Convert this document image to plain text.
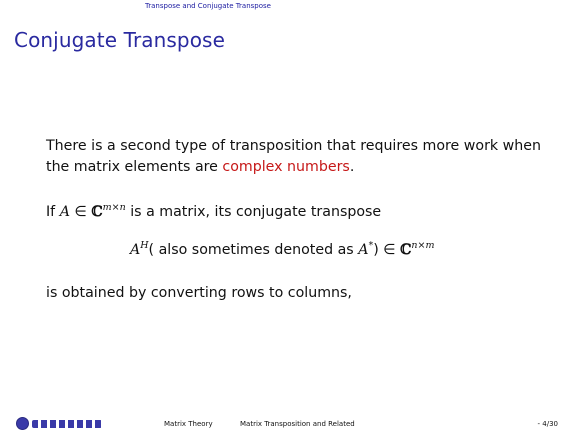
Transpose and Conjugate Transpose
Conjugate Transpose
There is a second type of transposition that requires more work when the matrix elements are complex numbers.
If A ∈ ℂ$^{m\times n}$ is a matrix, its conjugate transpose
$A^H$( also sometimes denoted as A*) ∈ ℂ$^{n\times m}$
is obtained by converting rows to columns,
Matrix Theory	Matrix Transposition and Related	- 4/30
